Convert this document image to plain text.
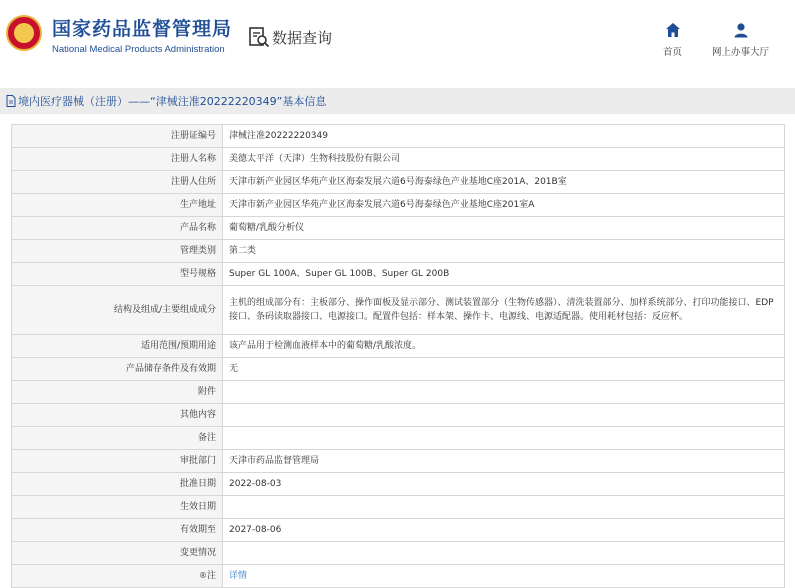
国家药品监督管理局
National Medical Products Administration
数据查询
首页	网上办事大厅
境内医疗器械（注册）——“津械注准20222220349”基本信息
注册证编号	津械注准20222220349
注册人名称	美德太平洋（天津）生物科技股份有限公司
注册人住所	天津市新产业园区华苑产业区海泰发展六道6号海泰绿色产业基地C座201A、201B室
生产地址	天津市新产业园区华苑产业区海泰发展六道6号海泰绿色产业基地C座201室A
产品名称	葡萄糖/乳酸分析仪
管理类别	第二类
型号规格	Super GL 100A、Super GL 100B、Super GL 200B
结构及组成/主要组成成分	主机的组成部分有：主板部分、操作面板及显示部分、测试装置部分（生物传感器）、清洗装置部分、加样系统部分、打印功能接口、EDP接口、条码读取器接口、电源接口。配置件包括：样本架、操作卡、电源线、电源适配器。使用耗材包括：反应杯。
适用范围/预期用途	该产品用于检测血液样本中的葡萄糖/乳酸浓度。
产品储存条件及有效期	无
附件	
其他内容	
备注	
审批部门	天津市药品监督管理局
批准日期	2022-08-03
生效日期	
有效期至	2027-08-06
变更情况	
®注	详情
